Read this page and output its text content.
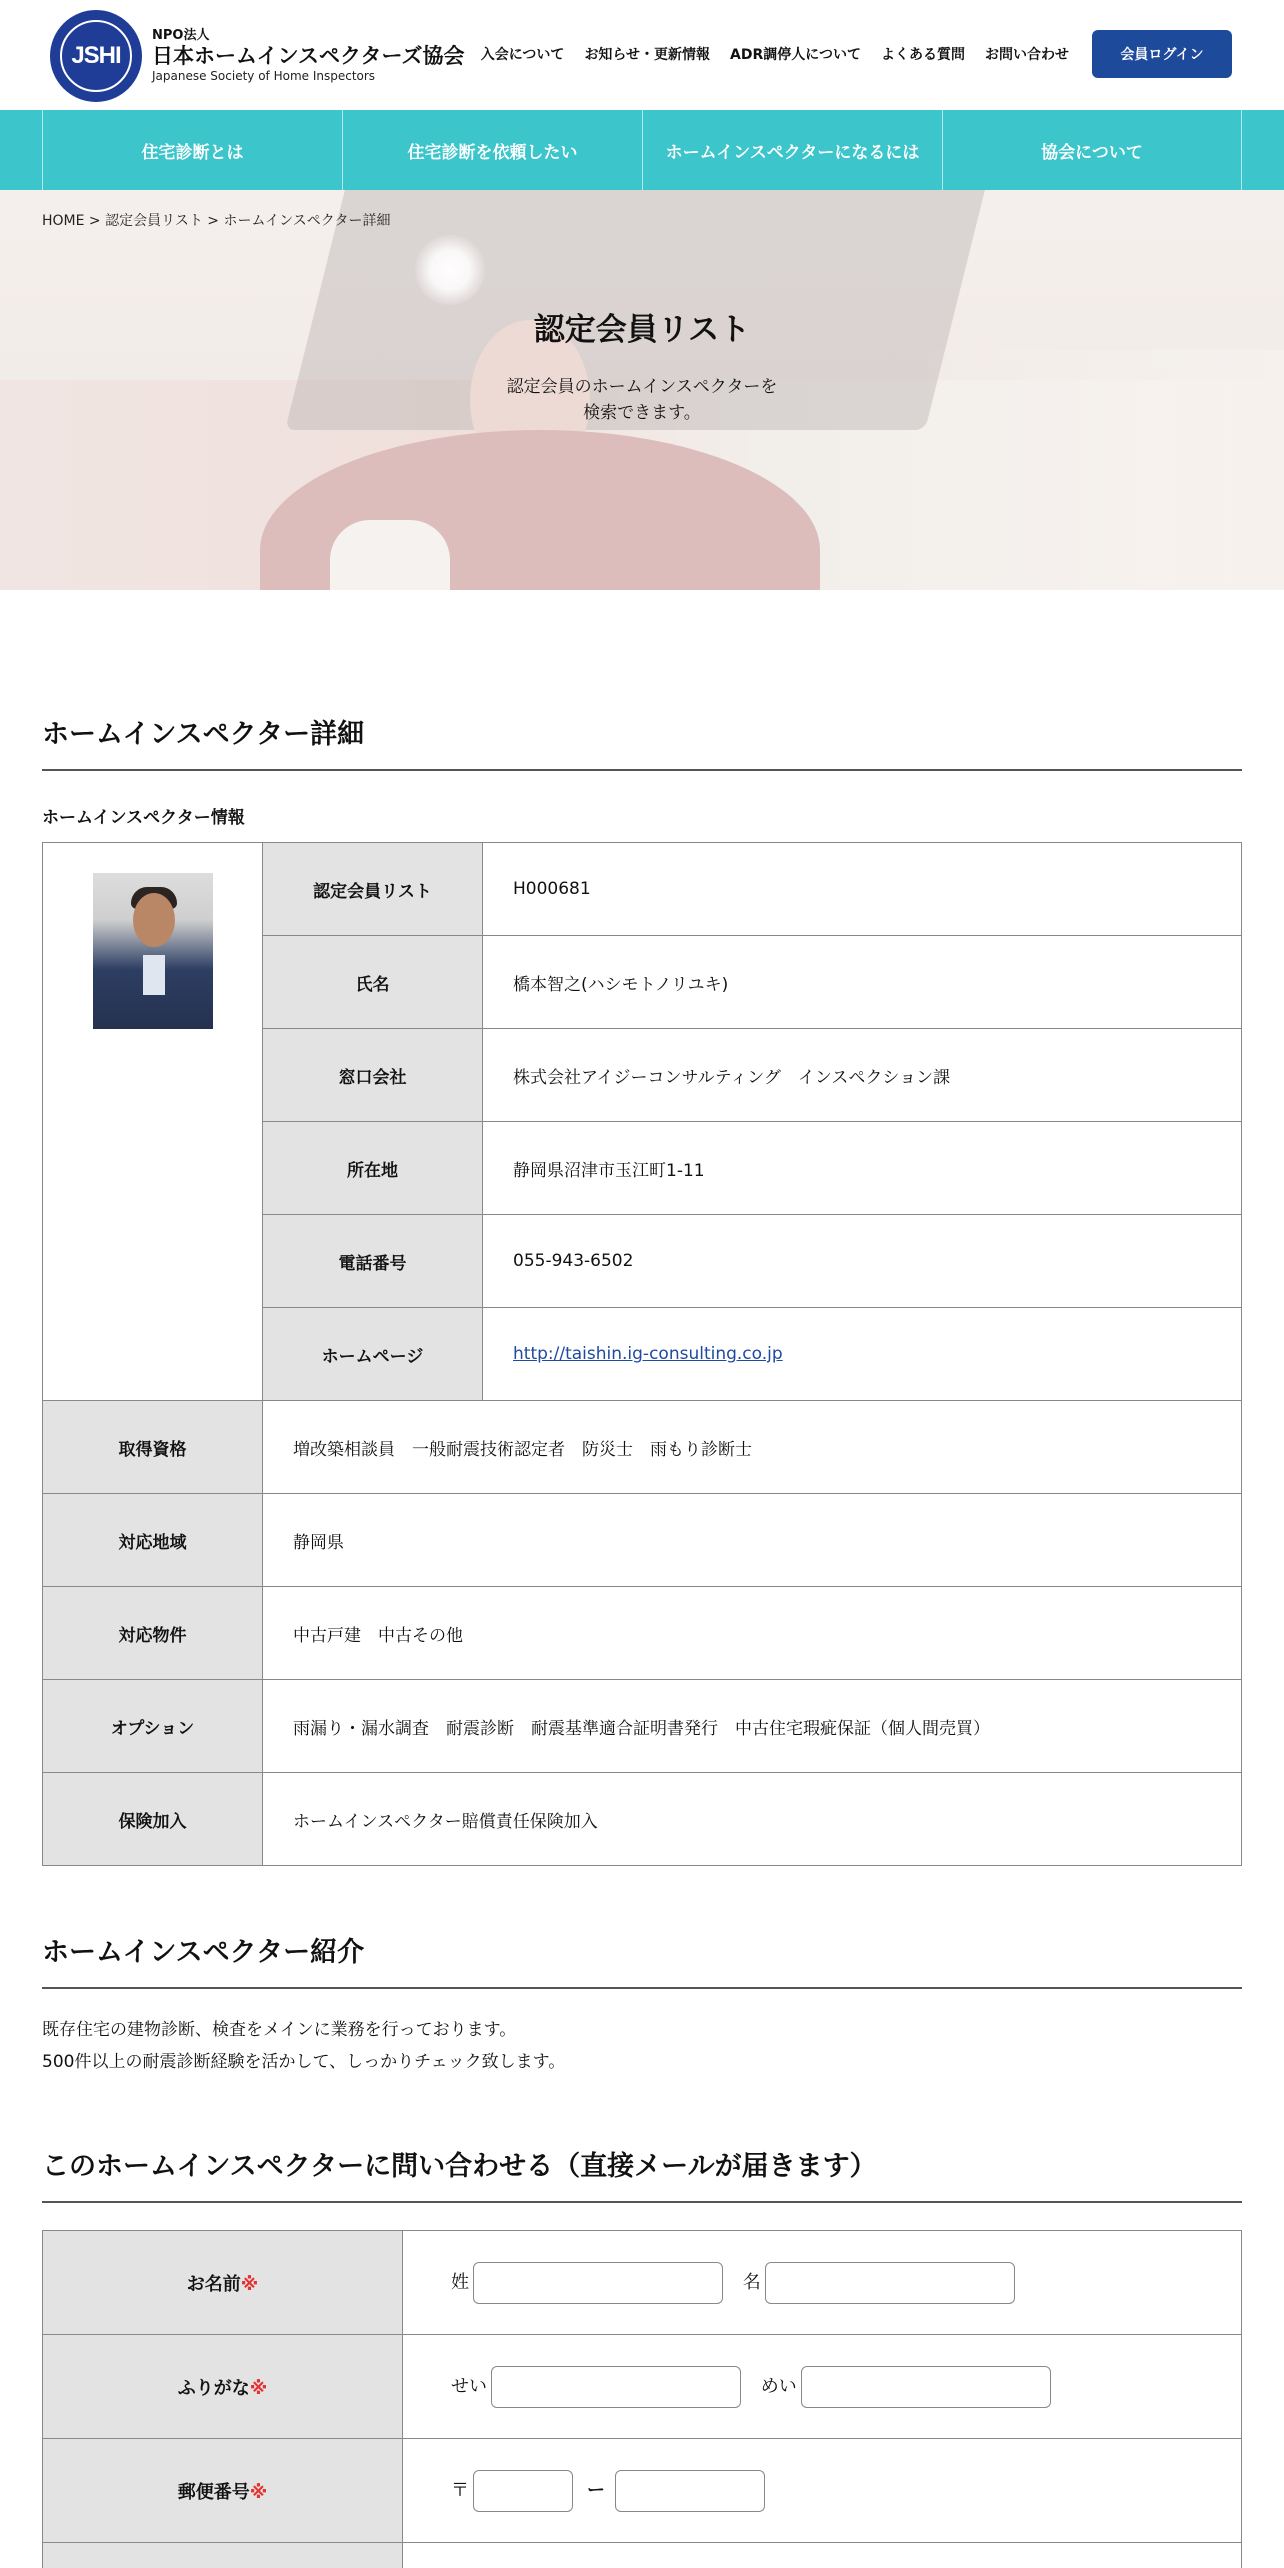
JSHI
NPO法人
日本ホームインスペクターズ協会
Japanese Society of Home Inspectors
入会について お知らせ・更新情報 ADR調停人について よくある質問 お問い合わせ	会員ログイン
住宅診断とは	住宅診断を依頼したい	ホームインスペクターになるには	協会について
HOME > 認定会員リスト > ホームインスペクター詳細
認定会員リスト
認定会員のホームインスペクターを
検索できます。
ホームインスペクター詳細
ホームインスペクター情報
	認定会員リスト	H000681
	氏名	橋本智之(ハシモトノリユキ)
	窓口会社	株式会社アイジーコンサルティング　インスペクション課
	所在地	静岡県沼津市玉江町1-11
	電話番号	055-943-6502
	ホームページ	http://taishin.ig-consulting.co.jp
取得資格	増改築相談員　一般耐震技術認定者　防災士　雨もり診断士	
対応地域	静岡県	
対応物件	中古戸建　中古その他	
オプション	雨漏り・漏水調査　耐震診断　耐震基準適合証明書発行　中古住宅瑕疵保証（個人間売買）	
保険加入	ホームインスペクター賠償責任保険加入	
ホームインスペクター紹介
既存住宅の建物診断、検査をメインに業務を行っております。
500件以上の耐震診断経験を活かして、しっかりチェック致します。
このホームインスペクターに問い合わせる（直接メールが届きます）
お名前※	姓 名
ふりがな※	せい めい
郵便番号※	〒 ー
